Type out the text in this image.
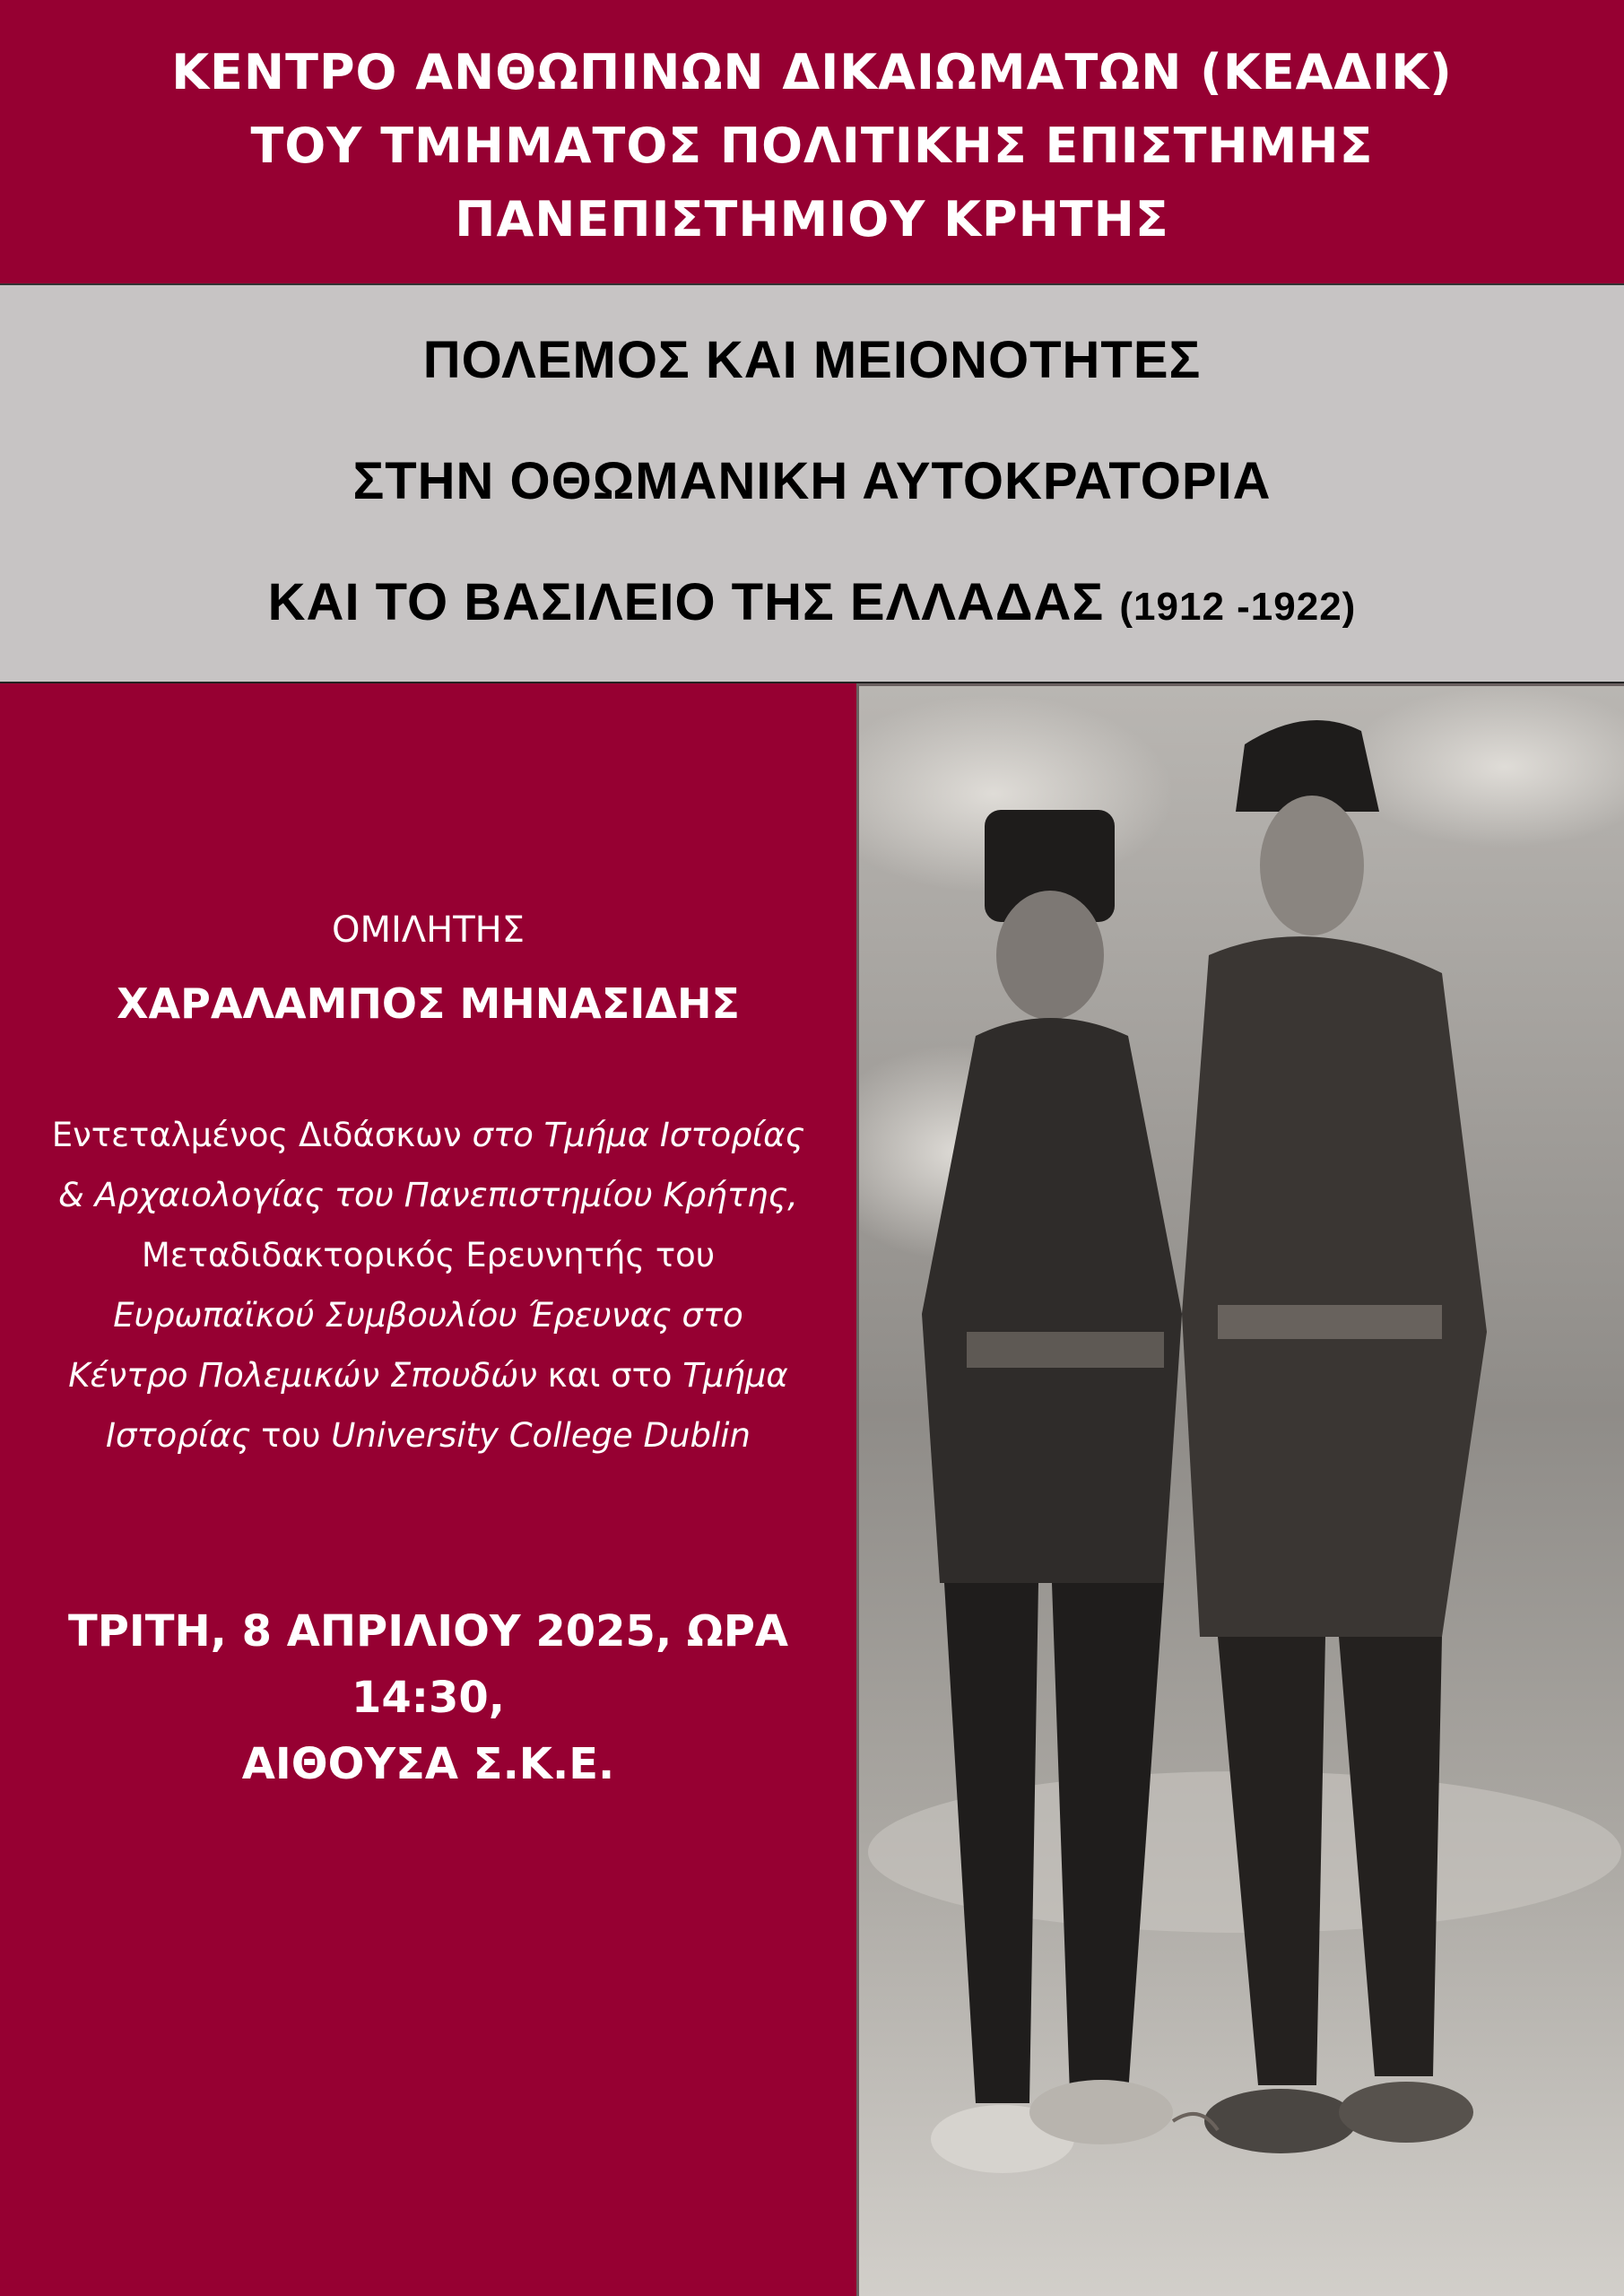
ΚΕΝΤΡΟ ΑΝΘΩΠΙΝΩΝ ΔΙΚΑΙΩΜΑΤΩΝ (ΚΕΑΔΙΚ)
ΤΟΥ ΤΜΗΜΑΤΟΣ ΠΟΛΙΤΙΚΗΣ ΕΠΙΣΤΗΜΗΣ
ΠΑΝΕΠΙΣΤΗΜΙΟΥ ΚΡΗΤΗΣ
ΠΟΛΕΜΟΣ ΚΑΙ ΜΕΙΟΝΟΤΗΤΕΣ
ΣΤΗΝ ΟΘΩΜΑΝΙΚΗ ΑΥΤΟΚΡΑΤΟΡΙΑ
ΚΑΙ ΤΟ ΒΑΣΙΛΕΙΟ ΤΗΣ ΕΛΛΑΔΑΣ (1912 -1922)
ΟΜΙΛΗΤΗΣ
ΧΑΡΑΛΑΜΠΟΣ ΜΗΝΑΣΙΔΗΣ
Εντεταλμένος Διδάσκων στο Τμήμα Ιστορίας
& Αρχαιολογίας του Πανεπιστημίου Κρήτης,
Μεταδιδακτορικός Ερευνητής του
Ευρωπαϊκού Συμβουλίου Έρευνας στο
Κέντρο Πολεμικών Σπουδών και στο Τμήμα
Ιστορίας του University College Dublin
ΤΡΙΤΗ, 8 ΑΠΡΙΛΙΟΥ 2025, ΩΡΑ 14:30,
ΑΙΘΟΥΣΑ Σ.Κ.Ε.
